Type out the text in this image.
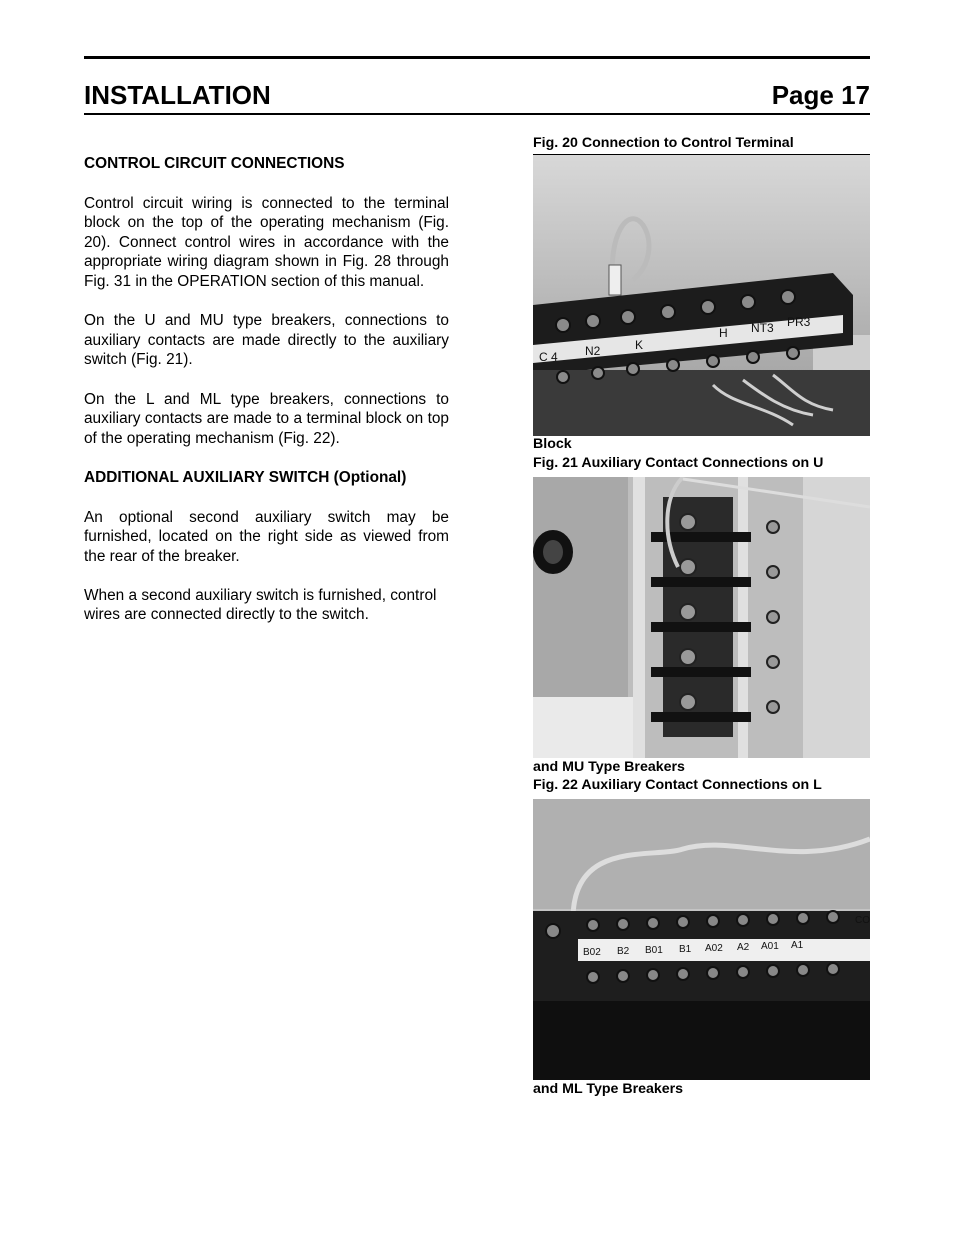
INSTALLATION	Page 17
CONTROL CIRCUIT CONNECTIONS

Control circuit wiring is connected to the terminal block on the top of the operating mechanism (Fig. 20). Connect control wires in accordance with the appropriate wiring diagram shown in Fig. 28 through Fig. 31 in the OPERATION section of this manual.

On the U and MU type breakers, connections to auxiliary contacts are made directly to the auxiliary switch (Fig. 21).

On the L and ML type breakers, connections to auxiliary contacts are made to a terminal block on top of the operating mechanism (Fig. 22).

ADDITIONAL AUXILIARY SWITCH (Optional)

An optional second auxiliary switch may be furnished, located on the right side as viewed from the rear of the breaker.

When a second auxiliary switch is furnished, control wires are connected directly to the switch.

Fig. 20 Connection to Control Terminal
C 4 N2	K
H NT3 PR3
Block
Fig. 21 Auxiliary Contact Connections on U
and MU Type Breakers
Fig. 22 Auxiliary Contact Connections on L
B02 B2 B01 B1 A02 A2 A01 A1
CO
and ML Type Breakers
